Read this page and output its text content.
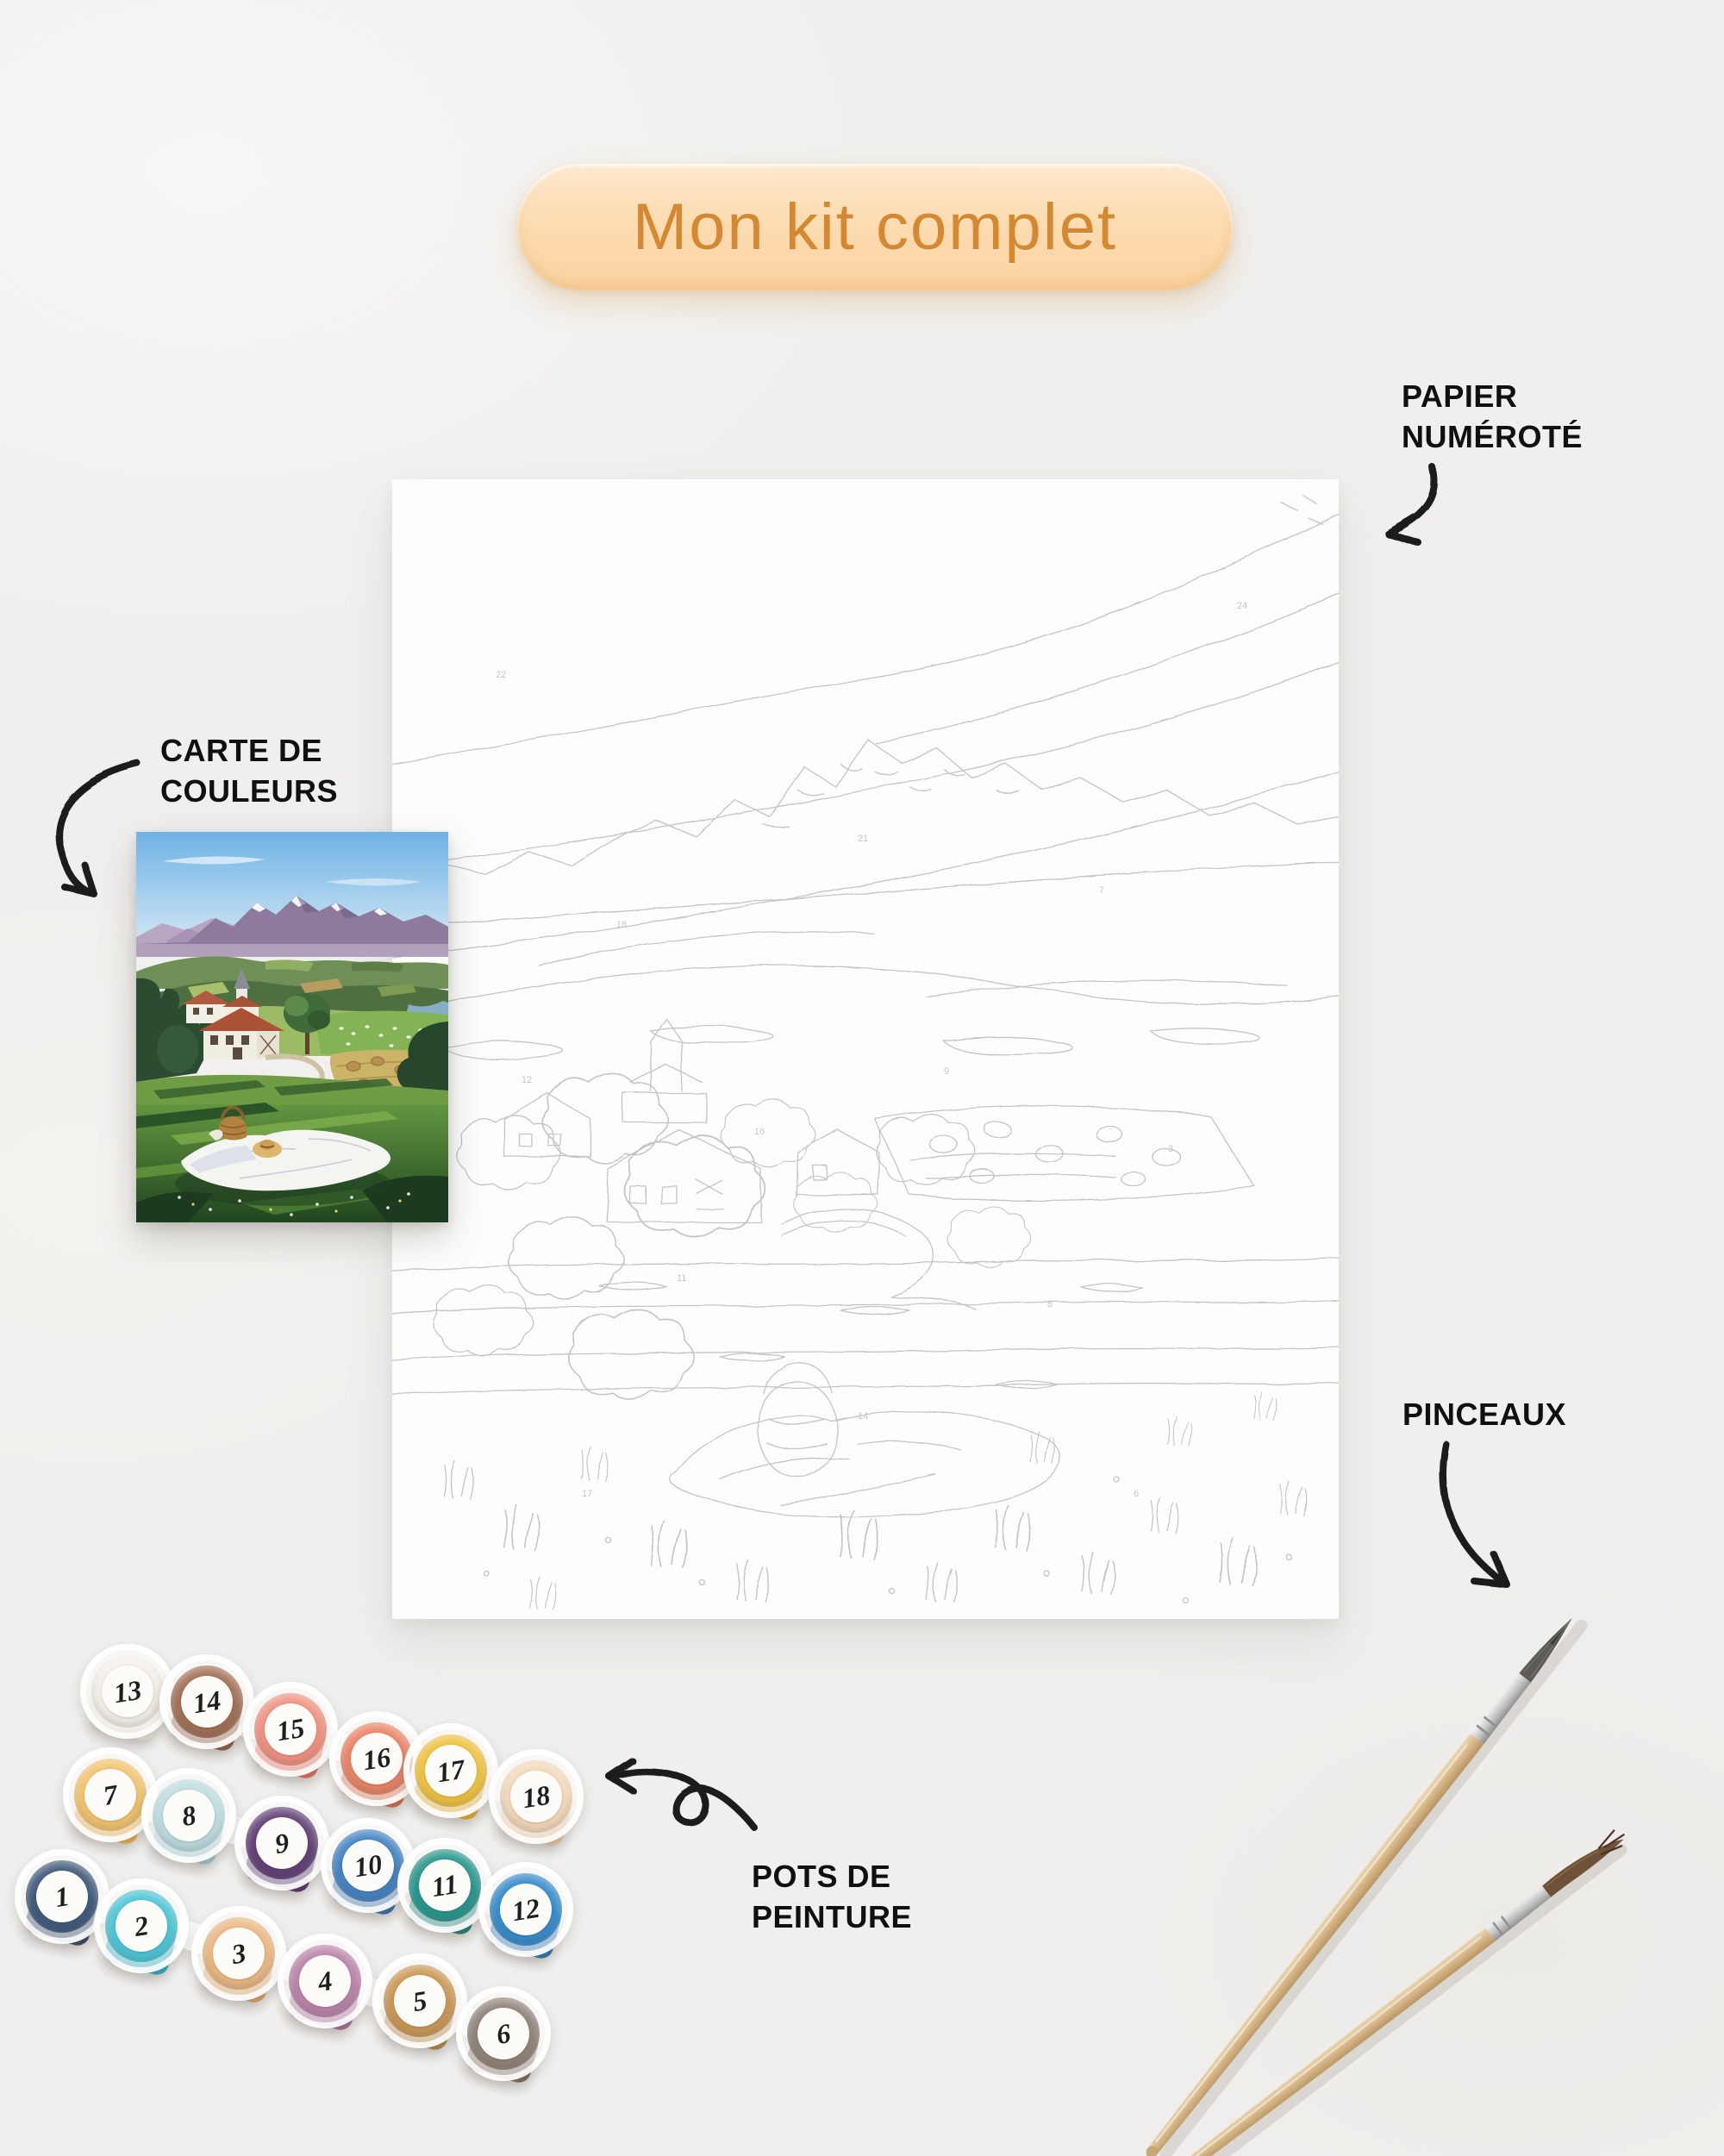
Mon kit complet
PAPIER
NUMÉROTÉ
CARTE DE
COULEURS
PINCEAUX
POTS DE
PEINTURE
22
24
21
18
7
12
9
16
3
11
8
14
17	6
13 14
15
16 17
18
7
8
9
10
11
12
1
2
3
4
5
6
